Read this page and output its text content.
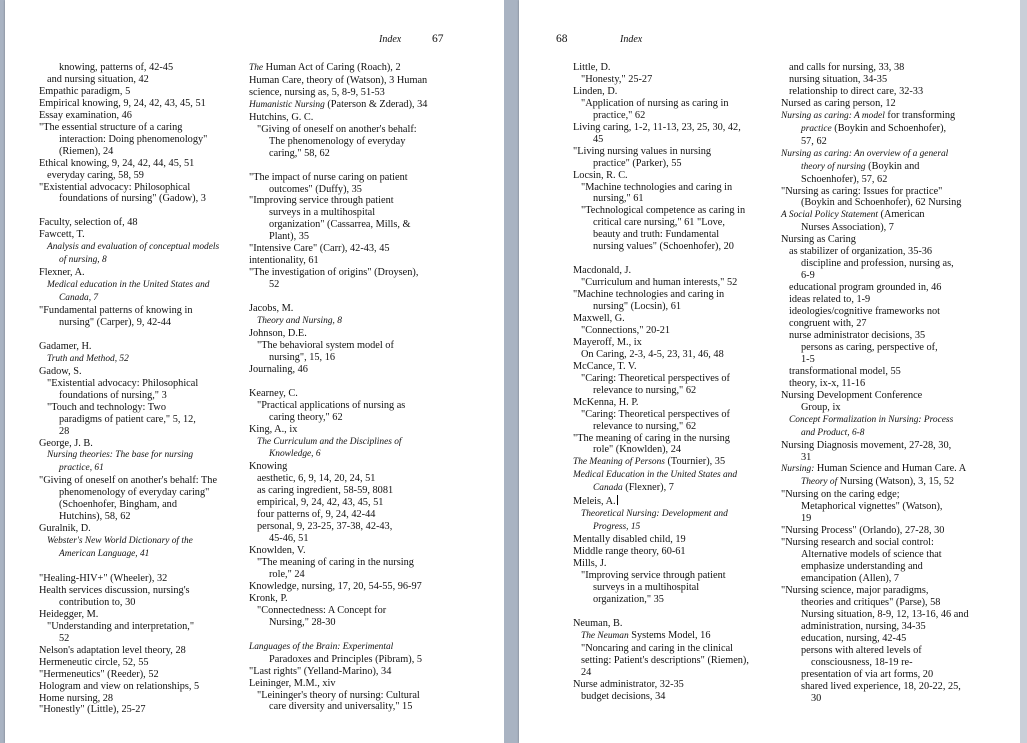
Index	67
knowing, patterns of, 42-45
and nursing situation, 42
Empathic paradigm, 5
Empirical knowing, 9, 24, 42, 43, 45, 51
Essay examination, 46
"The essential structure of a caring
interaction: Doing phenomenology"
(Riemen), 24
Ethical knowing, 9, 24, 42, 44, 45, 51
everyday caring, 58, 59
"Existential advocacy: Philosophical
foundations of nursing" (Gadow), 3
Faculty, selection of, 48
Fawcett, T.
Analysis and evaluation of conceptual models
of nursing, 8
Flexner, A.
Medical education in the United States and
Canada, 7
"Fundamental patterns of knowing in
nursing" (Carper), 9, 42-44
Gadamer, H.
Truth and Method, 52
Gadow, S.
"Existential advocacy: Philosophical
foundations of nursing," 3
"Touch and technology: Two
paradigms of patient care," 5, 12,
28
George, J. B.
Nursing theories: The base for nursing
practice, 61
"Giving of oneself on another's behalf: The
phenomenology of everyday caring"
(Schoenhofer, Bingham, and
Hutchins), 58, 62
Guralnik, D.
Webster's New World Dictionary of the
American Language, 41
"Healing-HIV+" (Wheeler), 32
Health services discussion, nursing's
contribution to, 30
Heidegger, M.
"Understanding and interpretation,"
52
Nelson's adaptation level theory, 28
Hermeneutic circle, 52, 55
"Hermeneutics" (Reeder), 52
Hologram and view on relationships, 5
Home nursing, 28
"Honestly" (Little), 25-27
The Human Act of Caring (Roach), 2
Human Care, theory of (Watson), 3 Human
science, nursing as, 5, 8-9, 51-53
Humanistic Nursing (Paterson & Zderad), 34
Hutchins, G. C.
"Giving of oneself on another's behalf:
The phenomenology of everyday
caring," 58, 62
"The impact of nurse caring on patient
outcomes" (Duffy), 35
"Improving service through patient
surveys in a multihospital
organization" (Cassarrea, Mills, &
Plant), 35
"Intensive Care" (Carr), 42-43, 45
intentionality, 61
"The investigation of origins" (Droysen),
52
Jacobs, M.
Theory and Nursing, 8
Johnson, D.E.
"The behavioral system model of
nursing", 15, 16
Journaling, 46
Kearney, C.
"Practical applications of nursing as
caring theory," 62
King, A., ix
The Curriculum and the Disciplines of
Knowledge, 6
Knowing
aesthetic, 6, 9, 14, 20, 24, 51
as caring ingredient, 58-59, 8081
empirical, 9, 24, 42, 43, 45, 51
four patterns of, 9, 24, 42-44
personal, 9, 23-25, 37-38, 42-43,
45-46, 51
Knowlden, V.
"The meaning of caring in the nursing
role," 24
Knowledge, nursing, 17, 20, 54-55, 96-97
Kronk, P.
"Connectedness: A Concept for
Nursing," 28-30
Languages of the Brain: Experimental
Paradoxes and Principles (Pibram), 5
"Last rights" (Yelland-Marino), 34
Leininger, M.M., xiv
"Leininger's theory of nursing: Cultural
care diversity and universality," 15
68	Index
Little, D.
"Honesty," 25-27
Linden, D.
"Application of nursing as caring in
practice," 62
Living caring, 1-2, 11-13, 23, 25, 30, 42,
45
"Living nursing values in nursing
practice" (Parker), 55
Locsin, R. C.
"Machine technologies and caring in
nursing," 61
"Technological competence as caring in
critical care nursing," 61 "Love,
beauty and truth: Fundamental
nursing values" (Schoenhofer), 20
Macdonald, J.
"Curriculum and human interests," 52
"Machine technologies and caring in
nursing" (Locsin), 61
Maxwell, G.
"Connections," 20-21
Mayeroff, M., ix
On Caring, 2-3, 4-5, 23, 31, 46, 48
McCance, T. V.
"Caring: Theoretical perspectives of
relevance to nursing," 62
McKenna, H. P.
"Caring: Theoretical perspectives of
relevance to nursing," 62
"The meaning of caring in the nursing
role" (Knowlden), 24
The Meaning of Persons (Tournier), 35
Medical Education in the United States and
Canada (Flexner), 7
Meleis, A.
Theoretical Nursing: Development and
Progress, 15
Mentally disabled child, 19
Middle range theory, 60-61
Mills, J.
"Improving service through patient
surveys in a multihospital
organization," 35
Neuman, B.
The Neuman Systems Model, 16
"Noncaring and caring in the clinical
setting: Patient's descriptions" (Riemen),
24
Nurse administrator, 32-35
budget decisions, 34
and calls for nursing, 33, 38
nursing situation, 34-35
relationship to direct care, 32-33
Nursed as caring person, 12
Nursing as caring: A model for transforming
practice (Boykin and Schoenhofer),
57, 62
Nursing as caring: An overview of a general
theory of nursing (Boykin and
Schoenhofer), 57, 62
"Nursing as caring: Issues for practice"
(Boykin and Schoenhofer), 62 Nursing
A Social Policy Statement (American
Nurses Association), 7
Nursing as Caring
as stabilizer of organization, 35-36
discipline and profession, nursing as,
6-9
educational program grounded in, 46
ideas related to, 1-9
ideologies/cognitive frameworks not
congruent with, 27
nurse administrator decisions, 35
persons as caring, perspective of,
1-5
transformational model, 55
theory, ix-x, 11-16
Nursing Development Conference
Group, ix
Concept Formalization in Nursing: Process
and Product, 6-8
Nursing Diagnosis movement, 27-28, 30,
31
Nursing: Human Science and Human Care. A
Theory of Nursing (Watson), 3, 15, 52
"Nursing on the caring edge;
Metaphorical vignettes" (Watson),
19
"Nursing Process" (Orlando), 27-28, 30
"Nursing research and social control:
Alternative models of science that
emphasize understanding and
emancipation (Allen), 7
"Nursing science, major paradigms,
theories and critiques" (Parse), 58
Nursing situation, 8-9, 12, 13-16, 46 and
administration, nursing, 34-35
education, nursing, 42-45
persons with altered levels of
consciousness, 18-19 re-
presentation of via art forms, 20
shared lived experience, 18, 20-22, 25,
30
